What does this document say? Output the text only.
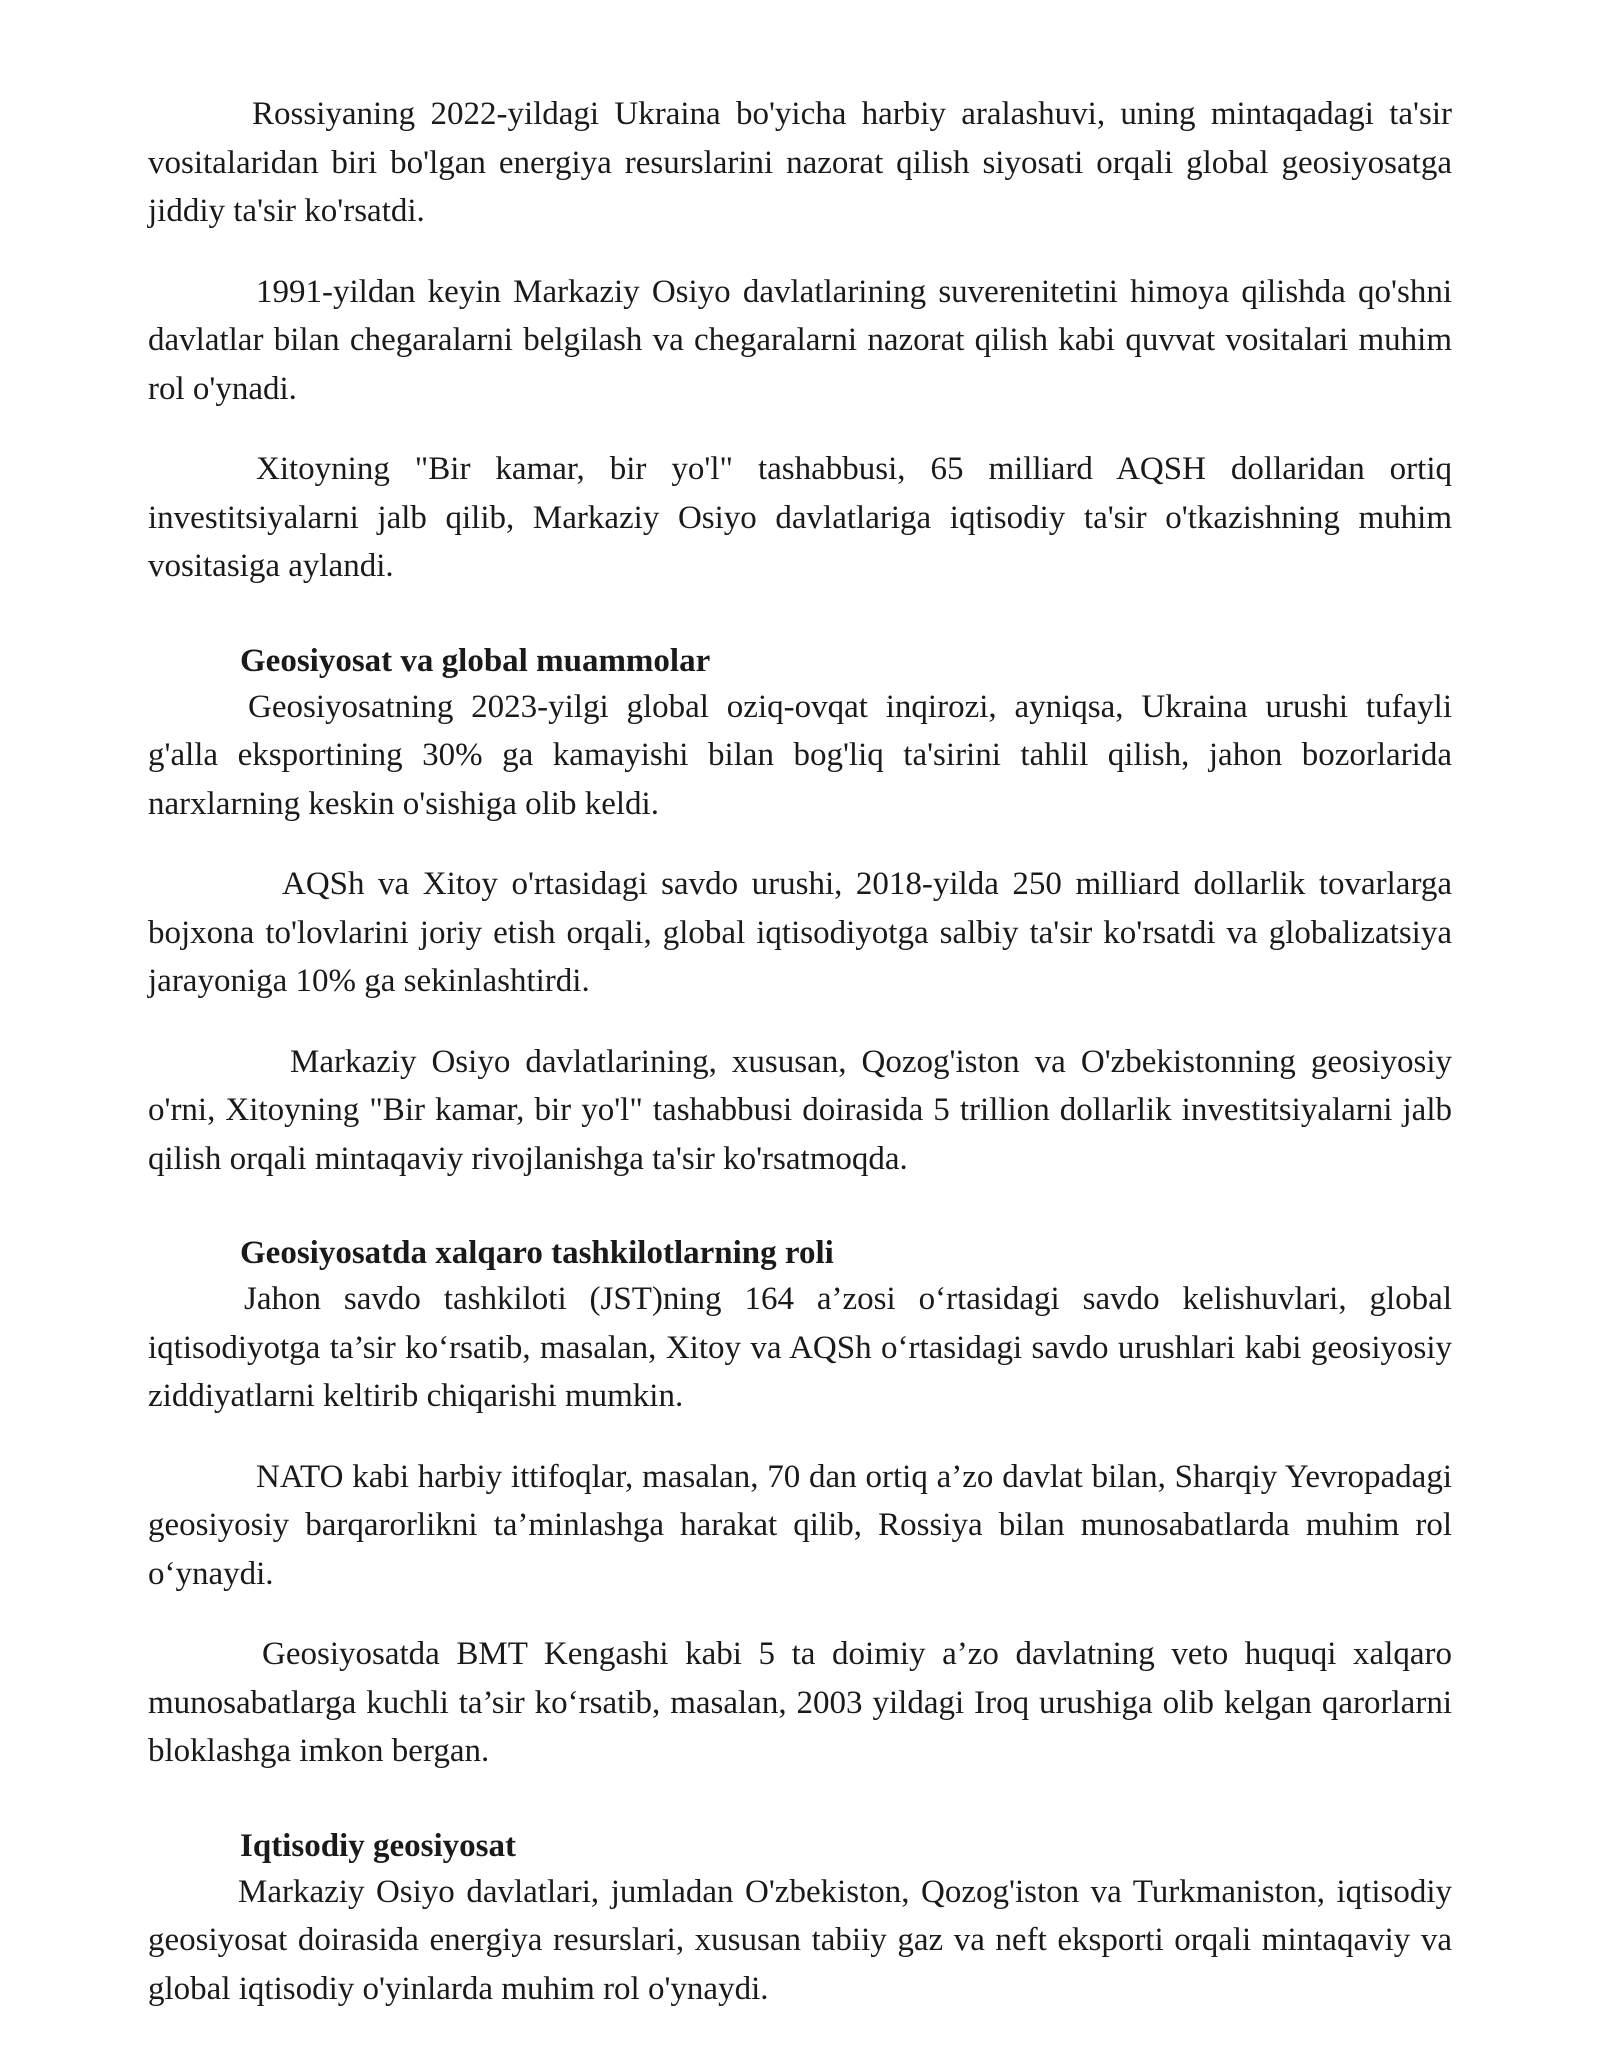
Rossiyaning 2022-yildagi Ukraina bo'yicha harbiy aralashuvi, uning mintaqadagi ta'sir vositalaridan biri bo'lgan energiya resurslarini nazorat qilish siyosati orqali global geosiyosatga jiddiy ta'sir ko'rsatdi.

1991-yildan keyin Markaziy Osiyo davlatlarining suverenitetini himoya qilishda qo'shni davlatlar bilan chegaralarni belgilash va chegaralarni nazorat qilish kabi quvvat vositalari muhim rol o'ynadi.

Xitoyning "Bir kamar, bir yo'l" tashabbusi, 65 milliard AQSH dollaridan ortiq investitsiyalarni jalb qilib, Markaziy Osiyo davlatlariga iqtisodiy ta'sir o'tkazishning muhim vositasiga aylandi.

Geosiyosat va global muammolar

Geosiyosatning 2023-yilgi global oziq-ovqat inqirozi, ayniqsa, Ukraina urushi tufayli g'alla eksportining 30% ga kamayishi bilan bog'liq ta'sirini tahlil qilish, jahon bozorlarida narxlarning keskin o'sishiga olib keldi.

AQSh va Xitoy o'rtasidagi savdo urushi, 2018-yilda 250 milliard dollarlik tovarlarga bojxona to'lovlarini joriy etish orqali, global iqtisodiyotga salbiy ta'sir ko'rsatdi va globalizatsiya jarayoniga 10% ga sekinlashtirdi.

Markaziy Osiyo davlatlarining, xususan, Qozog'iston va O'zbekistonning geosiyosiy o'rni, Xitoyning "Bir kamar, bir yo'l" tashabbusi doirasida 5 trillion dollarlik investitsiyalarni jalb qilish orqali mintaqaviy rivojlanishga ta'sir ko'rsatmoqda.

Geosiyosatda xalqaro tashkilotlarning roli

Jahon savdo tashkiloti (JST)ning 164 a’zosi o‘rtasidagi savdo kelishuvlari, global iqtisodiyotga ta’sir ko‘rsatib, masalan, Xitoy va AQSh o‘rtasidagi savdo urushlari kabi geosiyosiy ziddiyatlarni keltirib chiqarishi mumkin.

NATO kabi harbiy ittifoqlar, masalan, 70 dan ortiq a’zo davlat bilan, Sharqiy Yevropadagi geosiyosiy barqarorlikni ta’minlashga harakat qilib, Rossiya bilan munosabatlarda muhim rol o‘ynaydi.

Geosiyosatda BMT Kengashi kabi 5 ta doimiy a’zo davlatning veto huquqi xalqaro munosabatlarga kuchli ta’sir ko‘rsatib, masalan, 2003 yildagi Iroq urushiga olib kelgan qarorlarni bloklashga imkon bergan.

Iqtisodiy geosiyosat

Markaziy Osiyo davlatlari, jumladan O'zbekiston, Qozog'iston va Turkmaniston, iqtisodiy geosiyosat doirasida energiya resurslari, xususan tabiiy gaz va neft eksporti orqali mintaqaviy va global iqtisodiy o'yinlarda muhim rol o'ynaydi.
